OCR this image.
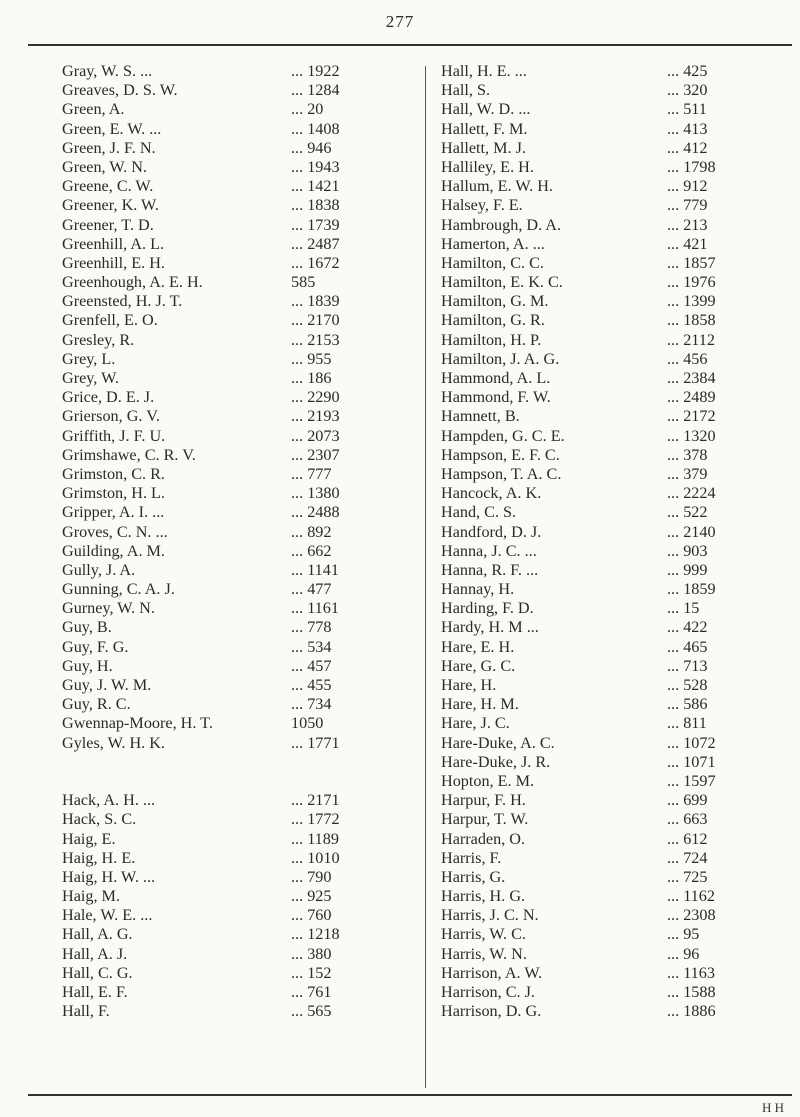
277
Gray, W. S. ...	... 1922
Greaves, D. S. W.	... 1284
Green, A.	... 20
Green, E. W. ...	... 1408
Green, J. F. N.	... 946
Green, W. N.	... 1943
Greene, C. W.	... 1421
Greener, K. W.	... 1838
Greener, T. D.	... 1739
Greenhill, A. L.	... 2487
Greenhill, E. H.	... 1672
Greenhough, A. E. H.	585
Greensted, H. J. T.	... 1839
Grenfell, E. O.	... 2170
Gresley, R.	... 2153
Grey, L.	... 955
Grey, W.	... 186
Grice, D. E. J.	... 2290
Grierson, G. V.	... 2193
Griffith, J. F. U.	... 2073
Grimshawe, C. R. V.	... 2307
Grimston, C. R.	... 777
Grimston, H. L.	... 1380
Gripper, A. I. ...	... 2488
Groves, C. N. ...	... 892
Guilding, A. M.	... 662
Gully, J. A.	... 1141
Gunning, C. A. J.	... 477
Gurney, W. N.	... 1161
Guy, B.	... 778
Guy, F. G.	... 534
Guy, H.	... 457
Guy, J. W. M.	... 455
Guy, R. C.	... 734
Gwennap-Moore, H. T.	1050
Gyles, W. H. K.	... 1771
Hack, A. H. ...	... 2171
Hack, S. C.	... 1772
Haig, E.	... 1189
Haig, H. E.	... 1010
Haig, H. W. ...	... 790
Haig, M.	... 925
Hale, W. E. ...	... 760
Hall, A. G.	... 1218
Hall, A. J.	... 380
Hall, C. G.	... 152
Hall, E. F.	... 761
Hall, F.	... 565
Hall, H. E. ...	... 425
Hall, S.	... 320
Hall, W. D. ...	... 511
Hallett, F. M.	... 413
Hallett, M. J.	... 412
Halliley, E. H.	... 1798
Hallum, E. W. H.	... 912
Halsey, F. E.	... 779
Hambrough, D. A.	... 213
Hamerton, A. ...	... 421
Hamilton, C. C.	... 1857
Hamilton, E. K. C.	... 1976
Hamilton, G. M.	... 1399
Hamilton, G. R.	... 1858
Hamilton, H. P.	... 2112
Hamilton, J. A. G.	... 456
Hammond, A. L.	... 2384
Hammond, F. W.	... 2489
Hamnett, B.	... 2172
Hampden, G. C. E.	... 1320
Hampson, E. F. C.	... 378
Hampson, T. A. C.	... 379
Hancock, A. K.	... 2224
Hand, C. S.	... 522
Handford, D. J.	... 2140
Hanna, J. C. ...	... 903
Hanna, R. F. ...	... 999
Hannay, H.	... 1859
Harding, F. D.	... 15
Hardy, H. M ...	... 422
Hare, E. H.	... 465
Hare, G. C.	... 713
Hare, H.	... 528
Hare, H. M.	... 586
Hare, J. C.	... 811
Hare-Duke, A. C.	... 1072
Hare-Duke, J. R.	... 1071
Hopton, E. M.	... 1597
Harpur, F. H.	... 699
Harpur, T. W.	... 663
Harraden, O.	... 612
Harris, F.	... 724
Harris, G.	... 725
Harris, H. G.	... 1162
Harris, J. C. N.	... 2308
Harris, W. C.	... 95
Harris, W. N.	... 96
Harrison, A. W.	... 1163
Harrison, C. J.	... 1588
Harrison, D. G.	... 1886
H H
